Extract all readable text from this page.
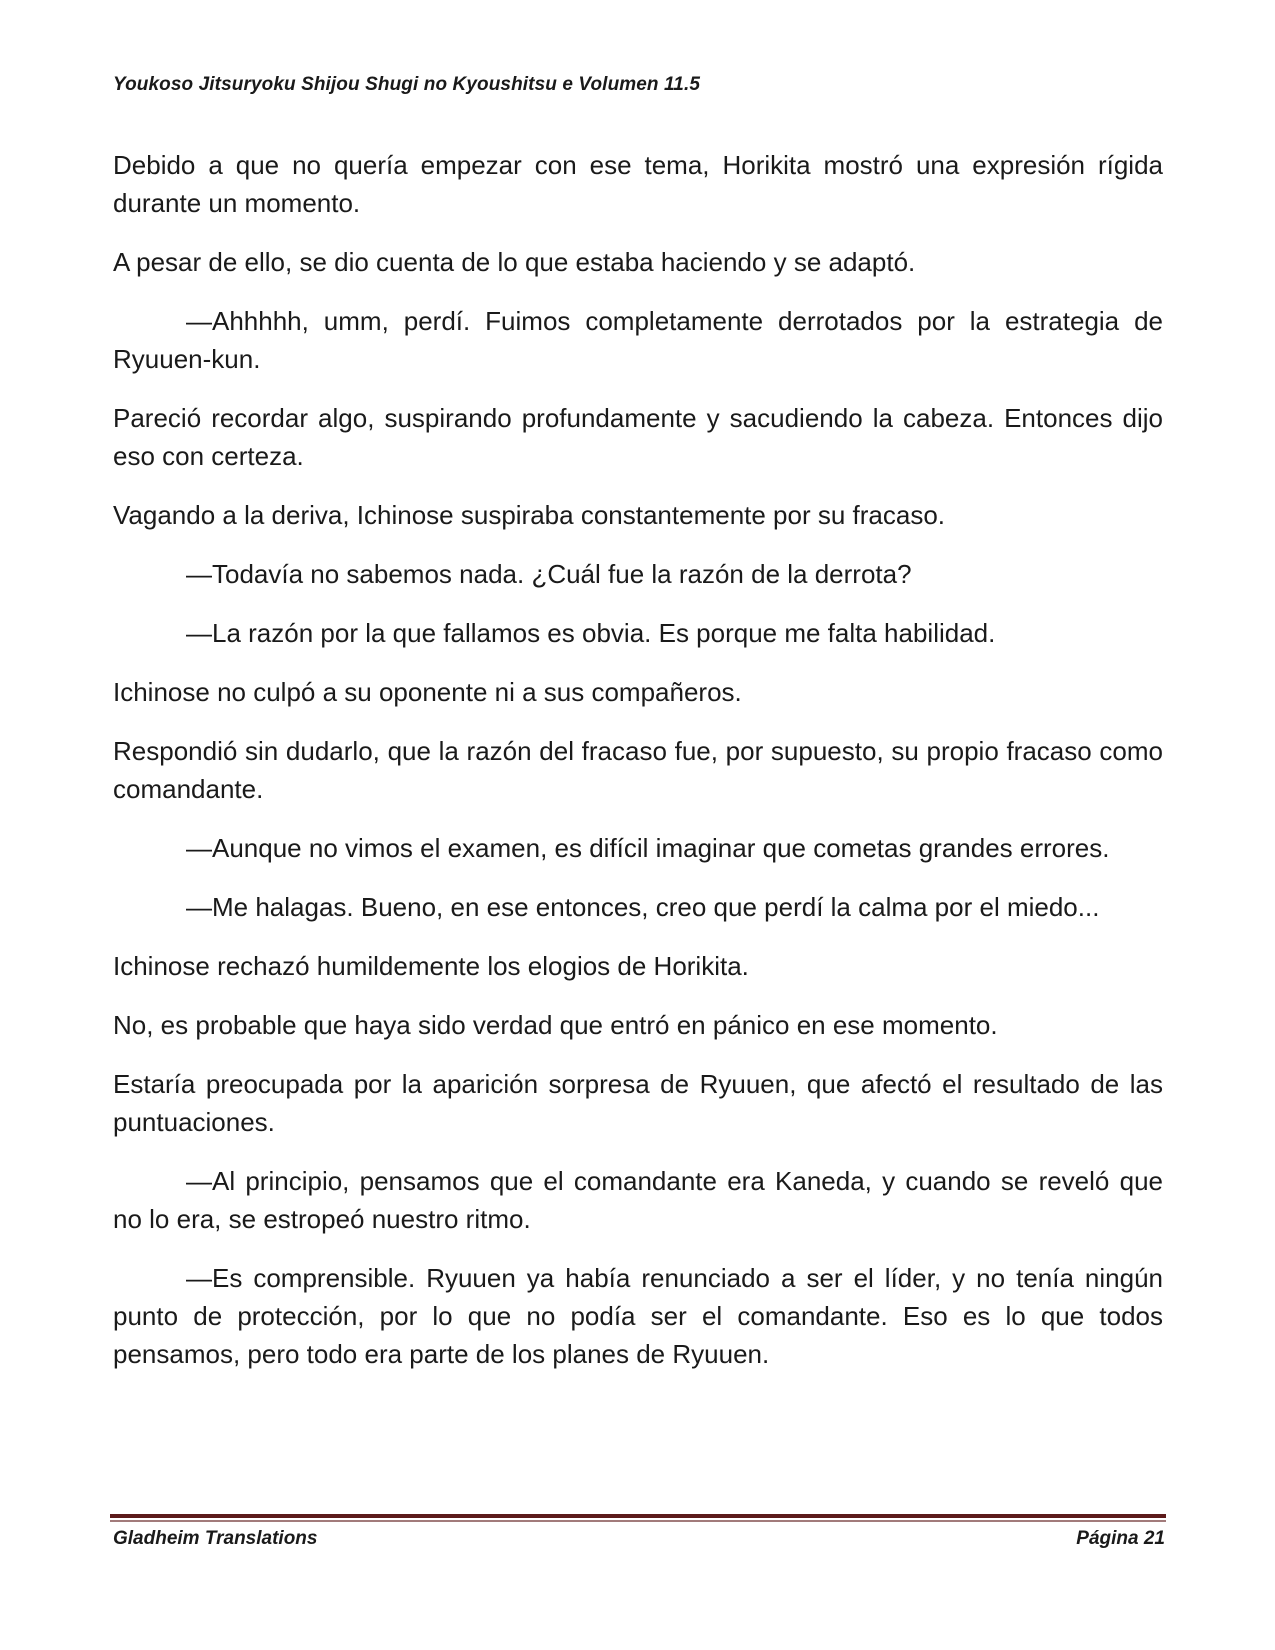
Youkoso Jitsuryoku Shijou Shugi no Kyoushitsu e Volumen 11.5

Debido a que no quería empezar con ese tema, Horikita mostró una expresión rígida durante un momento.

A pesar de ello, se dio cuenta de lo que estaba haciendo y se adaptó.

—Ahhhhh, umm, perdí. Fuimos completamente derrotados por la estrategia de Ryuuen-kun.

Pareció recordar algo, suspirando profundamente y sacudiendo la cabeza. Entonces dijo eso con certeza.

Vagando a la deriva, Ichinose suspiraba constantemente por su fracaso.

—Todavía no sabemos nada. ¿Cuál fue la razón de la derrota?

—La razón por la que fallamos es obvia. Es porque me falta habilidad.

Ichinose no culpó a su oponente ni a sus compañeros.

Respondió sin dudarlo, que la razón del fracaso fue, por supuesto, su propio fracaso como comandante.

—Aunque no vimos el examen, es difícil imaginar que cometas grandes errores.

—Me halagas. Bueno, en ese entonces, creo que perdí la calma por el miedo...

Ichinose rechazó humildemente los elogios de Horikita.

No, es probable que haya sido verdad que entró en pánico en ese momento.

Estaría preocupada por la aparición sorpresa de Ryuuen, que afectó el resultado de las puntuaciones.

—Al principio, pensamos que el comandante era Kaneda, y cuando se reveló que no lo era, se estropeó nuestro ritmo.

—Es comprensible. Ryuuen ya había renunciado a ser el líder, y no tenía ningún punto de protección, por lo que no podía ser el comandante. Eso es lo que todos pensamos, pero todo era parte de los planes de Ryuuen.

Gladheim Translations	Página 21
